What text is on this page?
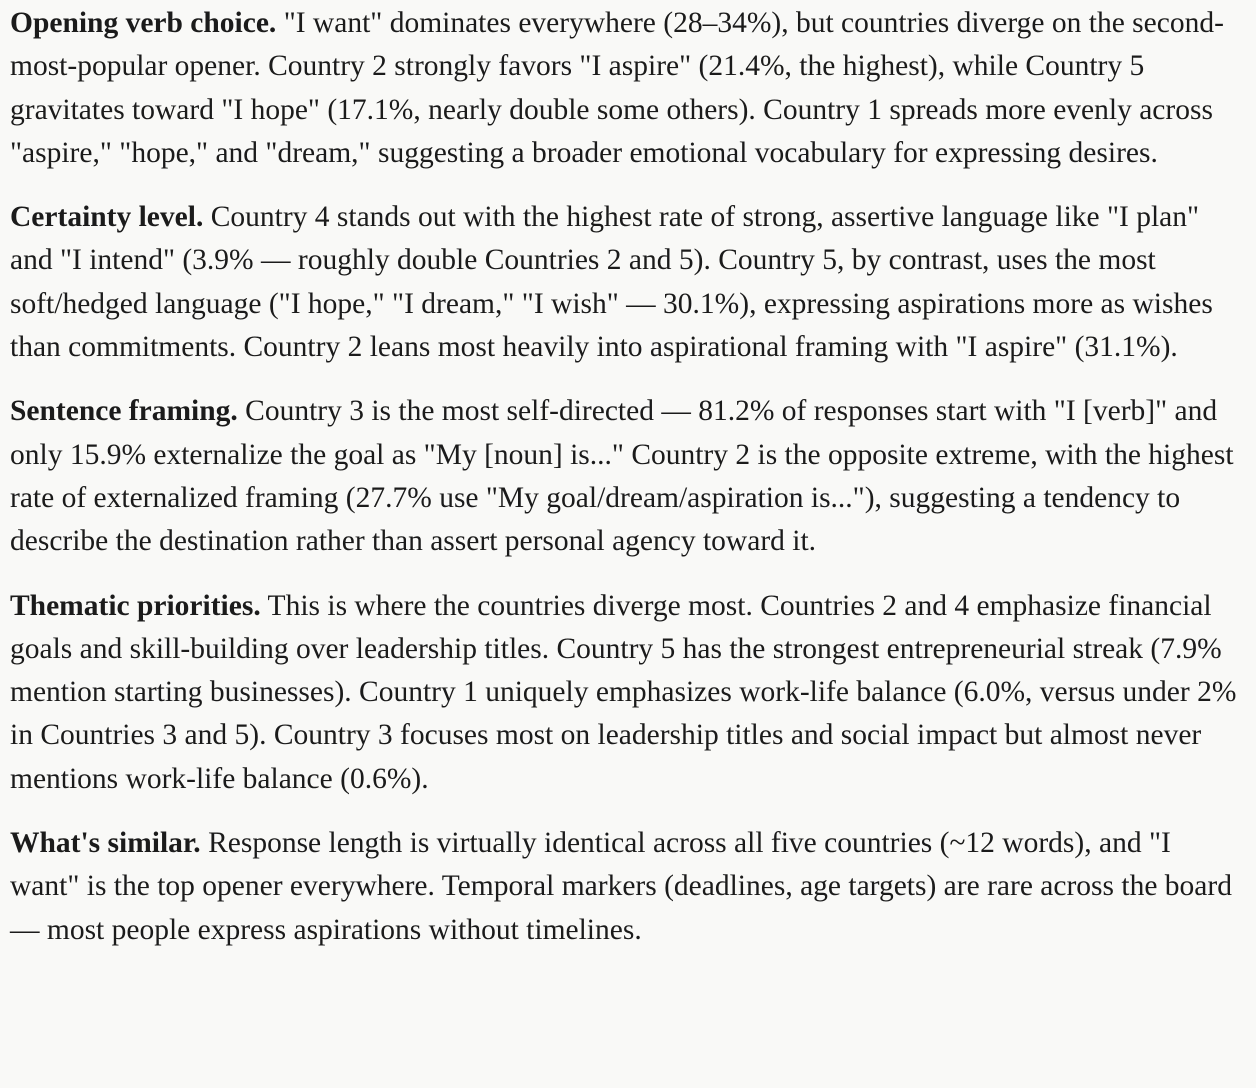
Opening verb choice. "I want" dominates everywhere (28–34%), but countries diverge on the second-most-popular opener. Country 2 strongly favors "I aspire" (21.4%, the highest), while Country 5 gravitates toward "I hope" (17.1%, nearly double some others). Country 1 spreads more evenly across "aspire," "hope," and "dream," suggesting a broader emotional vocabulary for expressing desires.

Certainty level. Country 4 stands out with the highest rate of strong, assertive language like "I plan" and "I intend" (3.9% — roughly double Countries 2 and 5). Country 5, by contrast, uses the most soft/hedged language ("I hope," "I dream," "I wish" — 30.1%), expressing aspirations more as wishes than commitments. Country 2 leans most heavily into aspirational framing with "I aspire" (31.1%).

Sentence framing. Country 3 is the most self-directed — 81.2% of responses start with "I [verb]" and only 15.9% externalize the goal as "My [noun] is..." Country 2 is the opposite extreme, with the highest rate of externalized framing (27.7% use "My goal/dream/aspiration is..."), suggesting a tendency to describe the destination rather than assert personal agency toward it.

Thematic priorities. This is where the countries diverge most. Countries 2 and 4 emphasize financial goals and skill-building over leadership titles. Country 5 has the strongest entrepreneurial streak (7.9% mention starting businesses). Country 1 uniquely emphasizes work-life balance (6.0%, versus under 2% in Countries 3 and 5). Country 3 focuses most on leadership titles and social impact but almost never mentions work-life balance (0.6%).

What's similar. Response length is virtually identical across all five countries (~12 words), and "I want" is the top opener everywhere. Temporal markers (deadlines, age targets) are rare across the board — most people express aspirations without timelines.
